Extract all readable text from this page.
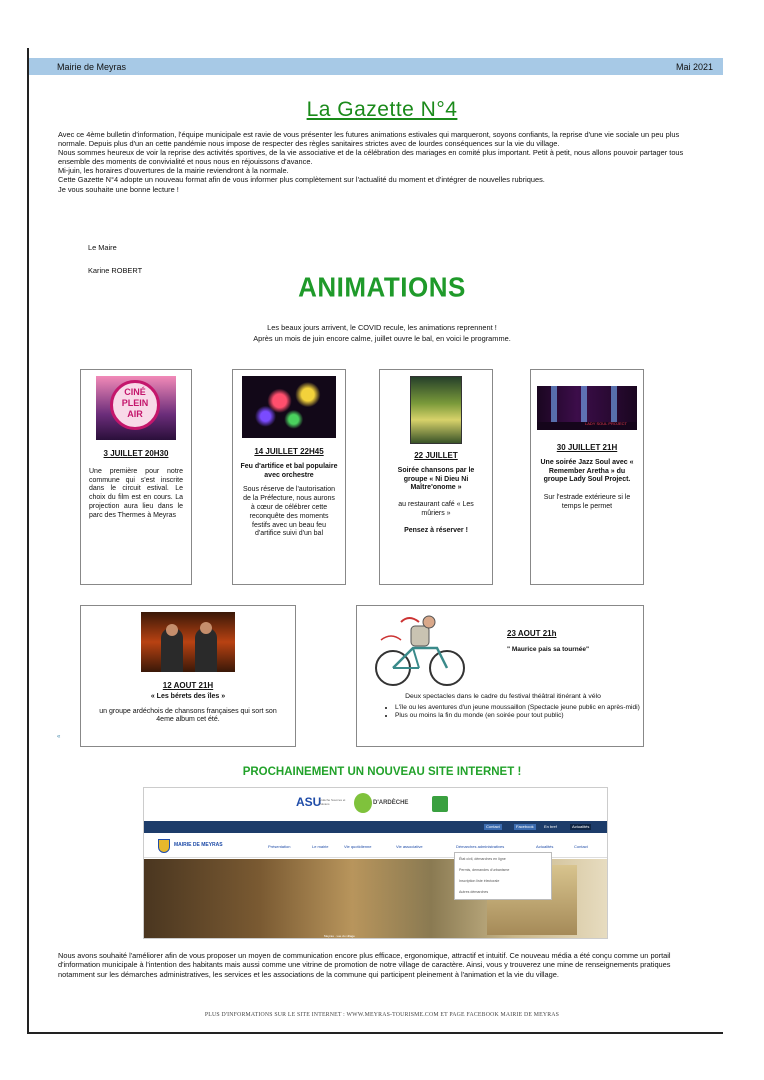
Mairie de Meyras	Mai 2021
La Gazette N°4

Avec ce 4ème bulletin d'information, l'équipe municipale est ravie de vous présenter les futures animations estivales qui marqueront, soyons confiants, la reprise d'une vie sociale un peu plus normale. Depuis plus d'un an cette pandémie nous impose de respecter des règles sanitaires strictes avec de lourdes conséquences sur la vie du village.

Nous sommes heureux de voir la reprise des activités sportives, de la vie associative et de la célébration des mariages en comité plus important. Petit à petit, nous allons pouvoir partager tous ensemble des moments de convivialité et nous nous en réjouissons d'avance.

Mi-juin, les horaires d'ouvertures de la mairie reviendront à la normale.

Cette Gazette N°4 adopte un nouveau format afin de vous informer plus complètement sur l'actualité du moment et d'intégrer de nouvelles rubriques.

Je vous souhaite une bonne lecture !

Le Maire
Karine ROBERT
ANIMATIONS
Les beaux jours arrivent, le COVID recule, les animations reprennent !
Après un mois de juin encore calme, juillet ouvre le bal, en voici le programme.
CINÉ PLEIN AIR
3 JUILLET 20H30
Une première pour notre commune qui s'est inscrite dans le circuit estival. Le choix du film est en cours. La projection aura lieu dans le parc des Thermes à Meyras
14 JUILLET 22H45
Feu d'artifice et bal populaire avec orchestre
Sous réserve de l'autorisation de la Préfecture, nous aurons à cœur de célébrer cette reconquête des moments festifs avec un beau feu d'artifice suivi d'un bal
22 JUILLET
Soirée chansons par le groupe « Ni Dieu Ni Maître'onome »
au restaurant café « Les mûriers »
Pensez à réserver !
LADY SOUL PROJECT
30 JUILLET 21H
Une soirée Jazz Soul avec « Remember Aretha » du groupe Lady Soul Project.
Sur l'estrade extérieure si le temps le permet
12 AOUT 21H
« Les bérets des îles »
un groupe ardéchois de chansons françaises qui sort son 4eme album cet été.
«
23 AOUT 21h
" Maurice pais sa tournée"
Deux spectacles dans le cadre du festival théâtral itinérant à vélo
• L'île ou les aventures d'un jeune moussaillon (Spectacle jeune public en après-midi)
• Plus ou moins la fin du monde (en soirée pour tout public)
PROCHAINEMENT UN NOUVEAU SITE INTERNET !
ASU
Ardèche Sources et Volcans	D'ARDÈCHE
Contact	Facebook	En bref	Actualités
MAIRIE DE MEYRAS	Présentation	Le mairie	Vie quotidienne	Vie associative	Démarches administratives	Actualités	Contact
Meyras · vue du village
État civil, démarches en ligne
Permis, demandes d'urbanisme
Inscription liste électorale
Autres démarches
Nous avons souhaité l'améliorer afin de vous proposer un moyen de communication encore plus efficace, ergonomique, attractif et intuitif. Ce nouveau média a été conçu comme un portail d'information municipale à l'intention des habitants mais aussi comme une vitrine de promotion de notre village de caractère. Ainsi, vous y trouverez une mine de renseignements pratiques notamment sur les démarches administratives, les services et les associations de la commune qui participent pleinement à l'animation et la vie du village.
PLUS D'INFORMATIONS SUR LE SITE INTERNET : WWW.MEYRAS-TOURISME.COM ET PAGE FACEBOOK MAIRIE DE MEYRAS
